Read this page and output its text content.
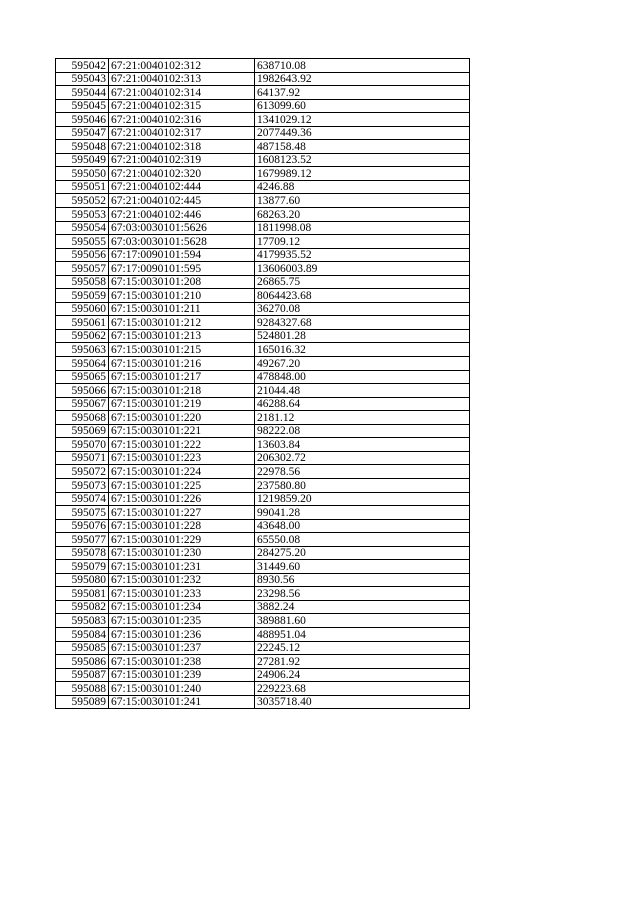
595042	67:21:0040102:312	638710.08
595043	67:21:0040102:313	1982643.92
595044	67:21:0040102:314	64137.92
595045	67:21:0040102:315	613099.60
595046	67:21:0040102:316	1341029.12
595047	67:21:0040102:317	2077449.36
595048	67:21:0040102:318	487158.48
595049	67:21:0040102:319	1608123.52
595050	67:21:0040102:320	1679989.12
595051	67:21:0040102:444	4246.88
595052	67:21:0040102:445	13877.60
595053	67:21:0040102:446	68263.20
595054	67:03:0030101:5626	1811998.08
595055	67:03:0030101:5628	17709.12
595056	67:17:0090101:594	4179935.52
595057	67:17:0090101:595	13606003.89
595058	67:15:0030101:208	26865.75
595059	67:15:0030101:210	8064423.68
595060	67:15:0030101:211	36270.08
595061	67:15:0030101:212	9284327.68
595062	67:15:0030101:213	524801.28
595063	67:15:0030101:215	165016.32
595064	67:15:0030101:216	49267.20
595065	67:15:0030101:217	478848.00
595066	67:15:0030101:218	21044.48
595067	67:15:0030101:219	46288.64
595068	67:15:0030101:220	2181.12
595069	67:15:0030101:221	98222.08
595070	67:15:0030101:222	13603.84
595071	67:15:0030101:223	206302.72
595072	67:15:0030101:224	22978.56
595073	67:15:0030101:225	237580.80
595074	67:15:0030101:226	1219859.20
595075	67:15:0030101:227	99041.28
595076	67:15:0030101:228	43648.00
595077	67:15:0030101:229	65550.08
595078	67:15:0030101:230	284275.20
595079	67:15:0030101:231	31449.60
595080	67:15:0030101:232	8930.56
595081	67:15:0030101:233	23298.56
595082	67:15:0030101:234	3882.24
595083	67:15:0030101:235	389881.60
595084	67:15:0030101:236	488951.04
595085	67:15:0030101:237	22245.12
595086	67:15:0030101:238	27281.92
595087	67:15:0030101:239	24906.24
595088	67:15:0030101:240	229223.68
595089	67:15:0030101:241	3035718.40
